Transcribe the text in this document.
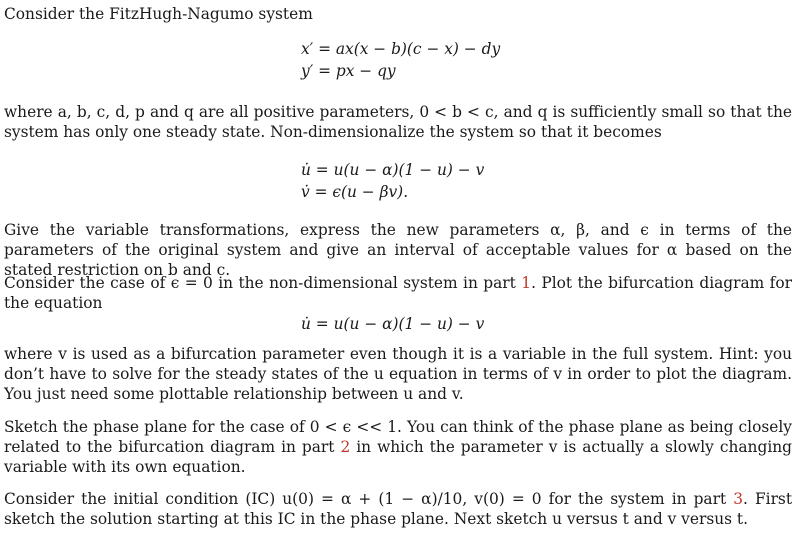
Consider the FitzHugh-Nagumo system

x′ = ax(x − b)(c − x) − dy

y′ = px − qy

where a, b, c, d, p and q are all positive parameters, 0 < b < c, and q is sufficiently small so that the system has only one steady state. Non-dimensionalize the system so that it becomes

u̇ = u(u − α)(1 − u) − v

v̇ = ϵ(u − βv).

Give the variable transformations, express the new parameters α, β, and ϵ in terms of the parameters of the original system and give an interval of acceptable values for α based on the stated restriction on b and c.

Consider the case of ϵ = 0 in the non-dimensional system in part 1. Plot the bifurcation diagram for the equation

u̇ = u(u − α)(1 − u) − v

where v is used as a bifurcation parameter even though it is a variable in the full system. Hint: you don’t have to solve for the steady states of the u equation in terms of v in order to plot the diagram. You just need some plottable relationship between u and v.

Sketch the phase plane for the case of 0 < ϵ << 1. You can think of the phase plane as being closely related to the bifurcation diagram in part 2 in which the parameter v is actually a slowly changing variable with its own equation.

Consider the initial condition (IC) u(0) = α + (1 − α)/10, v(0) = 0 for the system in part 3. First sketch the solution starting at this IC in the phase plane. Next sketch u versus t and v versus t.
